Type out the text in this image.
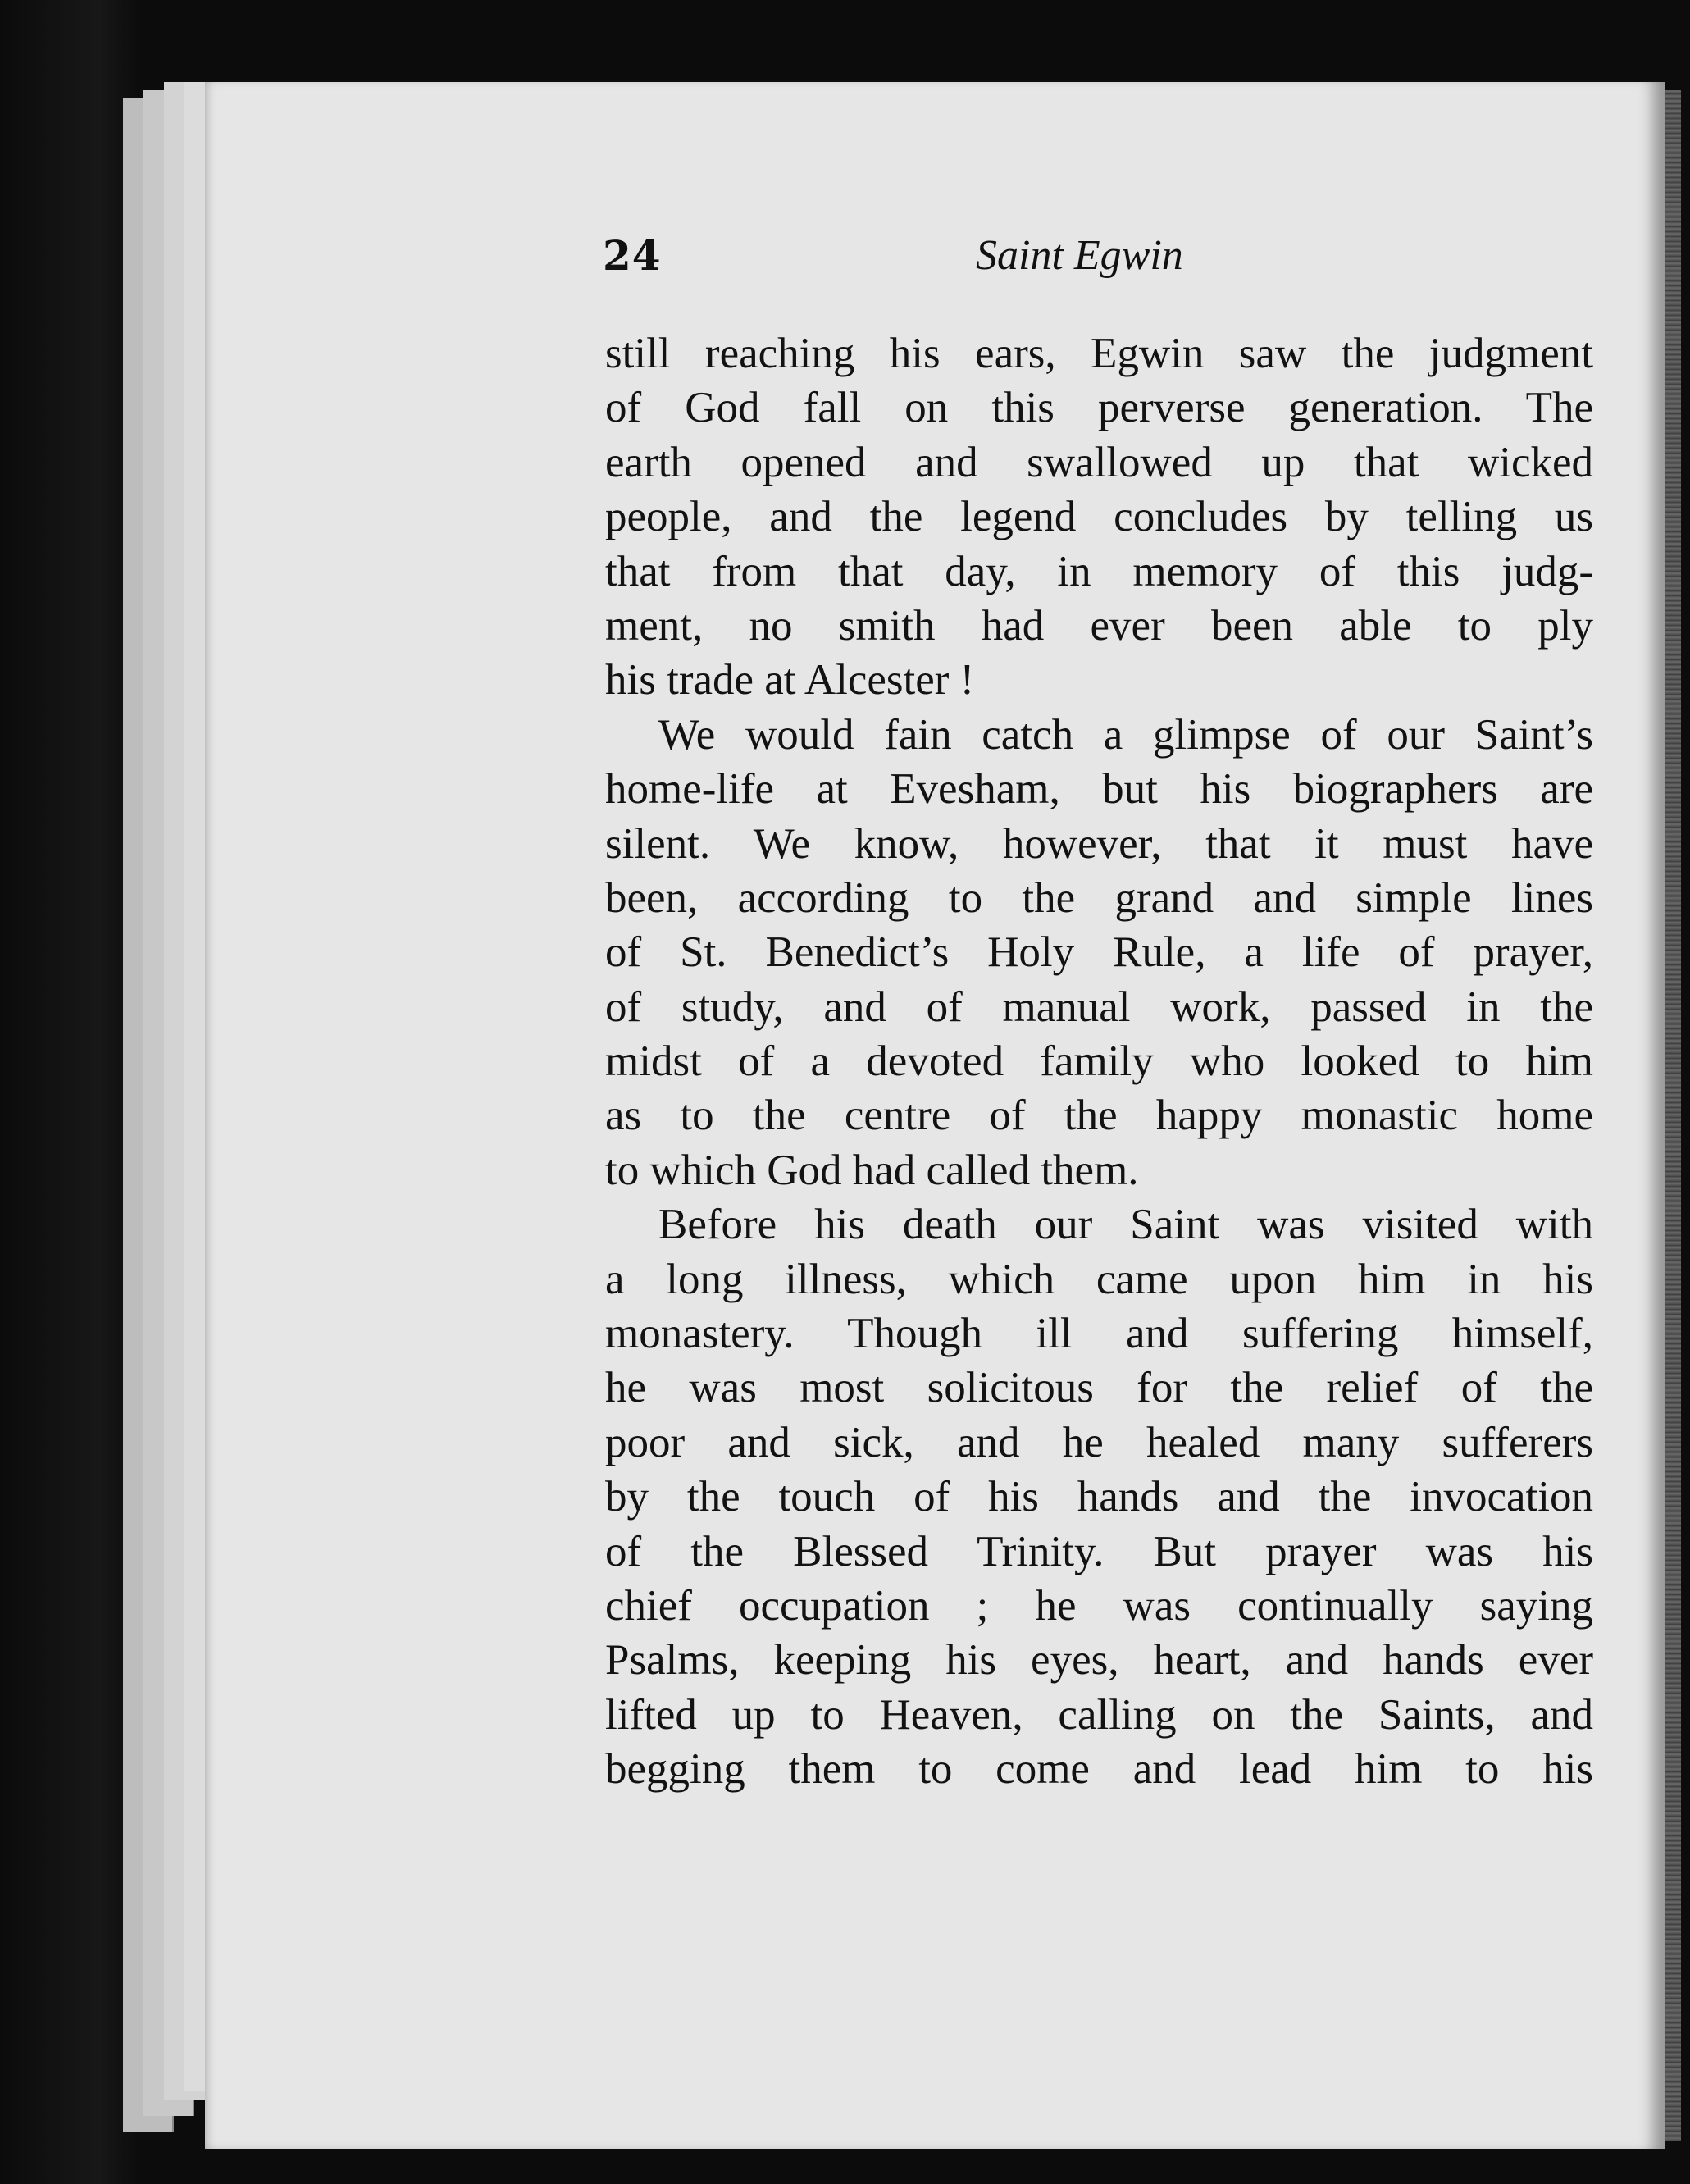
24	Saint Egwin
still reaching his ears, Egwin saw the judgment
of God fall on this perverse generation. The
earth opened and swallowed up that wicked
people, and the legend concludes by telling us
that from that day, in memory of this judg-
ment, no smith had ever been able to ply
his trade at Alcester !
We would fain catch a glimpse of our Saint’s
home-life at Evesham, but his biographers are
silent. We know, however, that it must have
been, according to the grand and simple lines
of St. Benedict’s Holy Rule, a life of prayer,
of study, and of manual work, passed in the
midst of a devoted family who looked to him
as to the centre of the happy monastic home
to which God had called them.
Before his death our Saint was visited with
a long illness, which came upon him in his
monastery. Though ill and suffering himself,
he was most solicitous for the relief of the
poor and sick, and he healed many sufferers
by the touch of his hands and the invocation
of the Blessed Trinity. But prayer was his
chief occupation ; he was continually saying
Psalms, keeping his eyes, heart, and hands ever
lifted up to Heaven, calling on the Saints, and
begging them to come and lead him to his
